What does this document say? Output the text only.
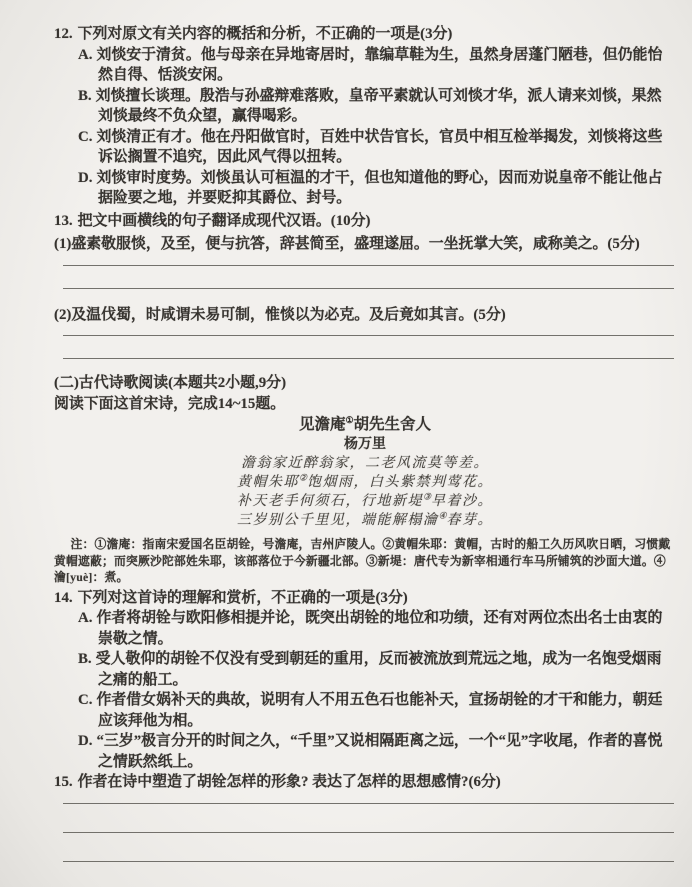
12. 下列对原文有关内容的概括和分析，不正确的一项是(3分)

A. 刘惔安于清贫。他与母亲在异地寄居时，靠编草鞋为生，虽然身居蓬门陋巷，但仍能怡然自得、恬淡安闲。

B. 刘惔擅长谈理。殷浩与孙盛辩难落败，皇帝平素就认可刘惔才华，派人请来刘惔，果然刘惔最终不负众望，赢得喝彩。

C. 刘惔清正有才。他在丹阳做官时，百姓中状告官长，官员中相互检举揭发，刘惔将这些诉讼搁置不追究，因此风气得以扭转。

D. 刘惔审时度势。刘惔虽认可桓温的才干，但也知道他的野心，因而劝说皇帝不能让他占据险要之地，并要贬抑其爵位、封号。

13. 把文中画横线的句子翻译成现代汉语。(10分)

(1)盛素敬服惔，及至，便与抗答，辞甚简至，盛理遂屈。一坐抚掌大笑，咸称美之。(5分)

(2)及温伐蜀，时咸谓未易可制，惟惔以为必克。及后竟如其言。(5分)

(二)古代诗歌阅读(本题共2小题,9分)

阅读下面这首宋诗，完成14~15题。

见澹庵①胡先生舍人

杨万里

澹翁家近醉翁家，二老风流莫等差。

黄帽朱耶②饱烟雨，白头紫禁判莺花。

补天老手何须石，行地新堤③早着沙。

三岁别公千里见，端能解榻瀹④春芽。

注：①澹庵：指南宋爱国名臣胡铨，号澹庵，吉州庐陵人。②黄帽朱耶：黄帽，古时的船工久历风吹日晒，习惯戴黄帽遮蔽；而突厥沙陀部姓朱耶，该部落位于今新疆北部。③新堤：唐代专为新宰相通行车马所铺筑的沙面大道。④瀹[yuè]：煮。

14. 下列对这首诗的理解和赏析，不正确的一项是(3分)

A. 作者将胡铨与欧阳修相提并论，既突出胡铨的地位和功绩，还有对两位杰出名士由衷的崇敬之情。

B. 受人敬仰的胡铨不仅没有受到朝廷的重用，反而被流放到荒远之地，成为一名饱受烟雨之痛的船工。

C. 作者借女娲补天的典故，说明有人不用五色石也能补天，宣扬胡铨的才干和能力，朝廷应该拜他为相。

D. “三岁”极言分开的时间之久，“千里”又说相隔距离之远，一个“见”字收尾，作者的喜悦之情跃然纸上。

15. 作者在诗中塑造了胡铨怎样的形象? 表达了怎样的思想感情?(6分)
